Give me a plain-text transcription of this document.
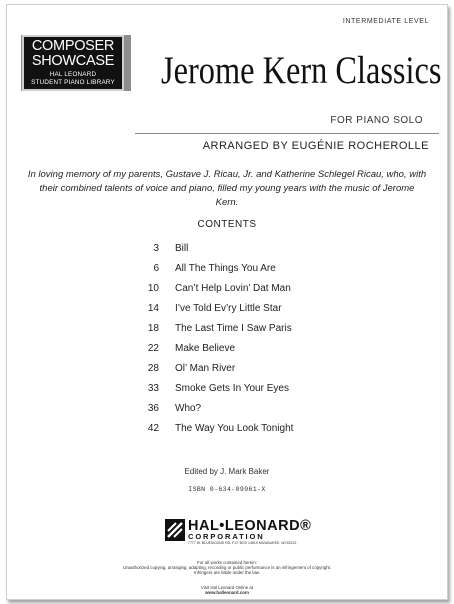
INTERMEDIATE LEVEL
COMPOSER
SHOWCASE
HAL LEONARD
STUDENT PIANO LIBRARY Jerome Kern Classics
FOR PIANO SOLO
ARRANGED BY EUGÉNIE ROCHEROLLE
In loving memory of my parents, Gustave J. Ricau, Jr. and Katherine Schlegel Ricau, who, with their combined talents of voice and piano, filled my young years with the music of Jerome Kern.
CONTENTS
3 Bill
6 All The Things You Are
10 Can’t Help Lovin’ Dat Man
14 I’ve Told Ev’ry Little Star
18 The Last Time I Saw Paris
22 Make Believe
28 Ol’ Man River
33 Smoke Gets In Your Eyes
36 Who?
42 The Way You Look Tonight
Edited by J. Mark Baker
ISBN 0-634-09061-X
HAL•LEONARD®
CORPORATION
7777 W. BLUEMOUND RD. P.O. BOX 13819 MILWAUKEE, WI 53213
For all works contained herein:
Unauthorized copying, arranging, adapting, recording or public performance is an infringement of copyright.
Infringers are liable under the law.
Visit Hal Leonard Online at
www.halleonard.com
